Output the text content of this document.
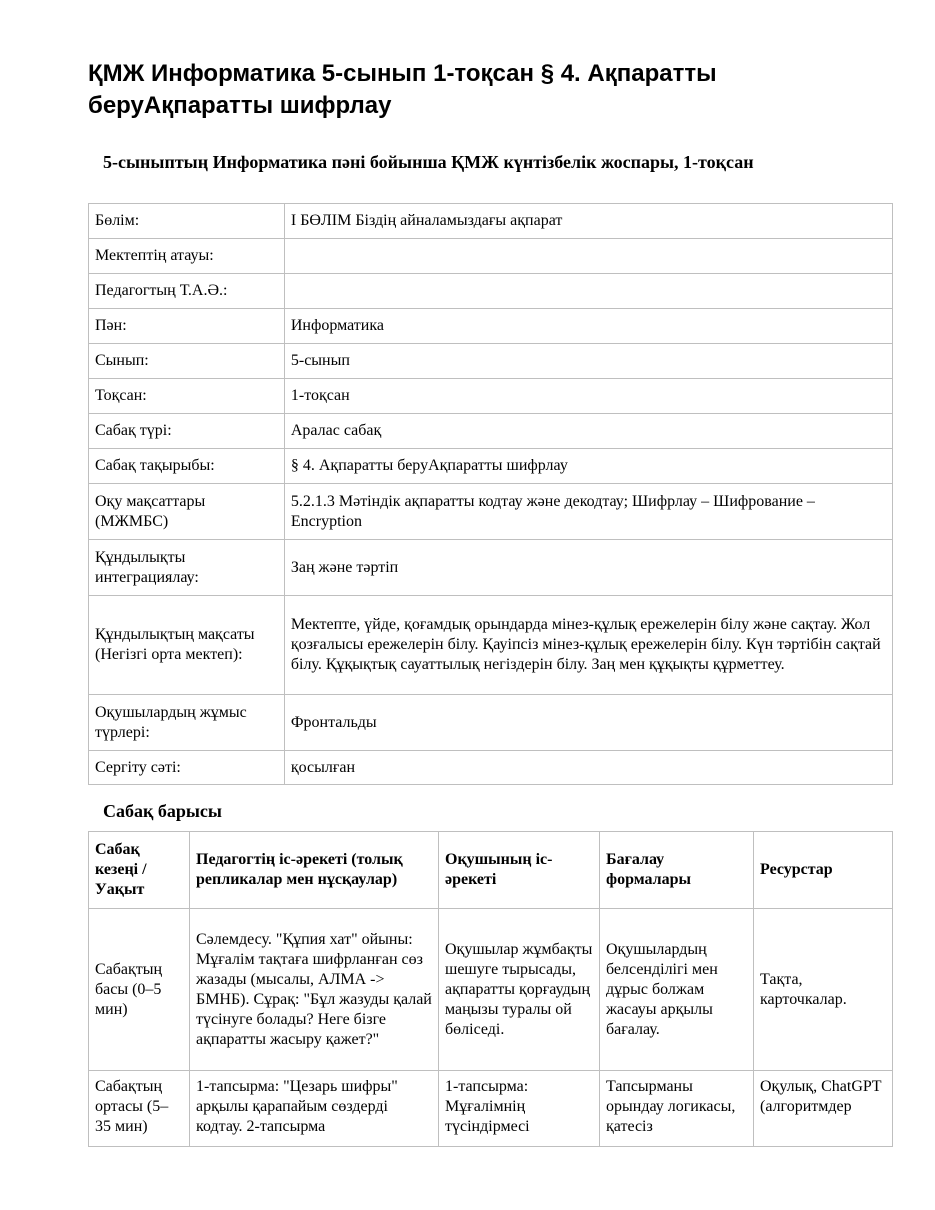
ҚМЖ Информатика 5-сынып 1-тоқсан § 4. Ақпаратты беруАқпаратты шифрлау
5-сыныптың Информатика пәні бойынша ҚМЖ күнтізбелік жоспары, 1-тоқсан
Бөлім:	I БӨЛІМ Біздің айналамыздағы ақпарат
Мектептің атауы:	
Педагогтың Т.А.Ә.:	
Пән:	Информатика
Сынып:	5-сынып
Тоқсан:	1-тоқсан
Сабақ түрі:	Аралас сабақ
Сабақ тақырыбы:	§ 4. Ақпаратты беруАқпаратты шифрлау
Оқу мақсаттары (МЖМБС)	5.2.1.3 Мәтіндік ақпаратты кодтау және декодтау; Шифрлау – Шифрование – Encryption
Құндылықты интеграциялау:	Заң және тәртіп
Құндылықтың мақсаты (Негізгі орта мектеп):	Мектепте, үйде, қоғамдық орындарда мінез-құлық ережелерін білу және сақтау. Жол қозғалысы ережелерін білу. Қауіпсіз мінез-құлық ережелерін білу. Күн тәртібін сақтай білу. Құқықтық сауаттылық негіздерін білу. Заң мен құқықты құрметтеу.
Оқушылардың жұмыс түрлері:	Фронтальды
Сергіту сәті:	қосылған
Сабақ барысы
Сабақ кезеңі / Уақыт	Педагогтің іс-әрекеті (толық репликалар мен нұсқаулар)	Оқушының іс-әрекеті	Бағалау формалары	Ресурстар
Сабақтың басы (0–5 мин)	Сәлемдесу. "Құпия хат" ойыны: Мұғалім тақтаға шифрланған сөз жазады (мысалы, АЛМА -> БМНБ). Сұрақ: "Бұл жазуды қалай түсінуге болады? Неге бізге ақпаратты жасыру қажет?"	Оқушылар жұмбақты шешуге тырысады, ақпаратты қорғаудың маңызы туралы ой бөліседі.	Оқушылардың белсенділігі мен дұрыс болжам жасауы арқылы бағалау.	Тақта, карточкалар.
Сабақтың ортасы (5–35 мин)	1-тапсырма: "Цезарь шифры" арқылы қарапайым сөздерді кодтау. 2-тапсырма	1-тапсырма: Мұғалімнің түсіндірмесі	Тапсырманы орындау логикасы, қатесіз	Оқулық, ChatGPT (алгоритмдер
